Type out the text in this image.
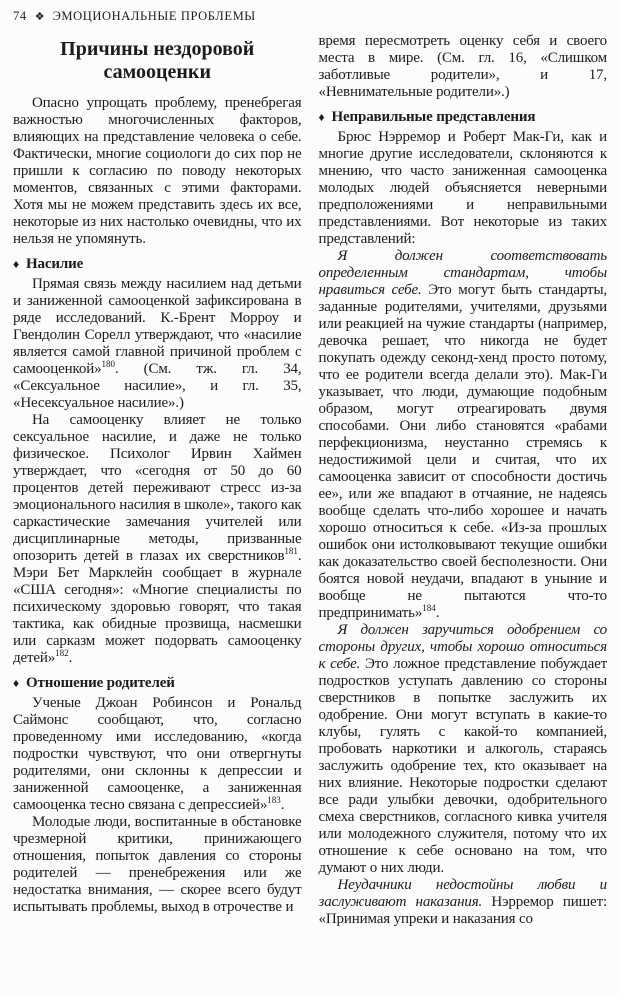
74 ❖ ЭМОЦИОНАЛЬНЫЕ ПРОБЛЕМЫ
Причины нездоровой
самооценки

Опасно упрощать проблему, пренебрегая важностью многочисленных факторов, влияющих на представление человека о себе. Фактически, многие социологи до сих пор не пришли к согласию по поводу некоторых моментов, связанных с этими факторами. Хотя мы не можем представить здесь их все, некоторые из них настолько очевидны, что их нельзя не упомянуть.

♦ Насилие

Прямая связь между насилием над детьми и заниженной самооценкой зафиксирована в ряде исследований. К.-Брент Морроу и Гвендолин Сорелл утверждают, что «насилие является самой главной причиной проблем с самооценкой»$^{180}$. (См. тж. гл. 34, «Сексуальное насилие», и гл. 35, «Несексуальное насилие».)

На самооценку влияет не только сексуальное насилие, и даже не только физическое. Психолог Ирвин Хаймен утверждает, что «сегодня от 50 до 60 процентов детей переживают стресс из-за эмоционального насилия в школе», такого как саркастические замечания учителей или дисциплинарные методы, призванные опозорить детей в глазах их сверстников$^{181}$. Мэри Бет Марклейн сообщает в журнале «США сегодня»: «Многие специалисты по психическому здоровью говорят, что такая тактика, как обидные прозвища, насмешки или сарказм может подорвать самооценку детей»$^{182}$.

♦ Отношение родителей

Ученые Джоан Робинсон и Рональд Саймонс сообщают, что, согласно проведенному ими исследованию, «когда подростки чувствуют, что они отвергнуты родителями, они склонны к депрессии и заниженной самооценке, а заниженная самооценка тесно связана с депрессией»$^{183}$.

Молодые люди, воспитанные в обстановке чрезмерной критики, принижающего отношения, попыток давления со стороны родителей — пренебрежения или же недостатка внимания, — скорее всего будут испытывать проблемы, выход в отрочестве и

время пересмотреть оценку себя и своего места в мире. (См. гл. 16, «Слишком заботливые родители», и 17, «Невнимательные родители».)

♦ Неправильные представления

Брюс Нэрремор и Роберт Мак-Ги, как и многие другие исследователи, склоняются к мнению, что часто заниженная самооценка молодых людей объясняется неверными предположениями и неправильными представлениями. Вот некоторые из таких представлений:

Я должен соответствовать определенным стандартам, чтобы нравиться себе. Это могут быть стандарты, заданные родителями, учителями, друзьями или реакцией на чужие стандарты (например, девочка решает, что никогда не будет покупать одежду секонд-хенд просто потому, что ее родители всегда делали это). Мак-Ги указывает, что люди, думающие подобным образом, могут отреагировать двумя способами. Они либо становятся «рабами перфекционизма, неустанно стремясь к недостижимой цели и считая, что их самооценка зависит от способности достичь ее», или же впадают в отчаяние, не надеясь вообще сделать что-либо хорошее и начать хорошо относиться к себе. «Из-за прошлых ошибок они истолковывают текущие ошибки как доказательство своей бесполезности. Они боятся новой неудачи, впадают в уныние и вообще не пытаются что-то предпринимать»$^{184}$.

Я должен заручиться одобрением со стороны других, чтобы хорошо относиться к себе. Это ложное представление побуждает подростков уступать давлению со стороны сверстников в попытке заслужить их одобрение. Они могут вступать в какие-то клубы, гулять с какой-то компанией, пробовать наркотики и алкоголь, стараясь заслужить одобрение тех, кто оказывает на них влияние. Некоторые подростки сделают все ради улыбки девочки, одобрительного смеха сверстников, согласного кивка учителя или молодежного служителя, потому что их отношение к себе основано на том, что думают о них люди.

Неудачники недостойны любви и заслуживают наказания. Нэрремор пишет: «Принимая упреки и наказания со
